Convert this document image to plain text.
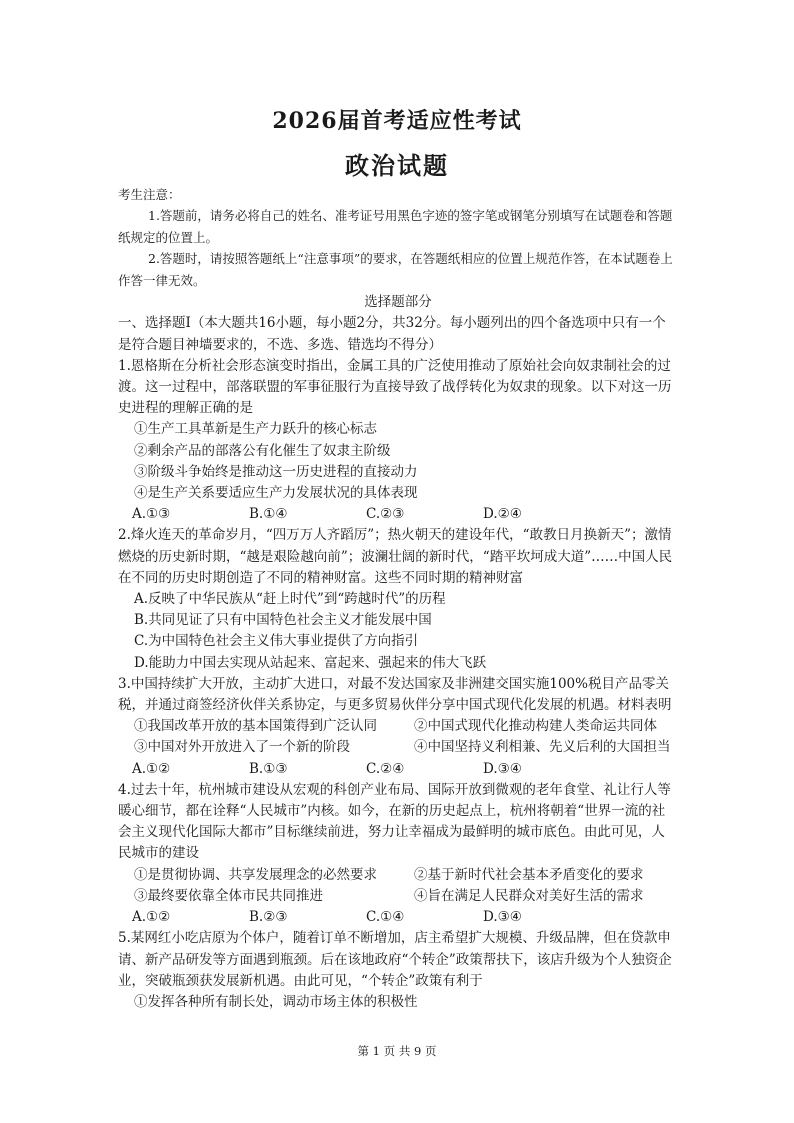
2026届首考适应性考试
政治试题

考生注意：

1.答题前，请务必将自己的姓名、准考证号用黑色字迹的签字笔或钢笔分别填写在试题卷和答题纸规定的位置上。

2.答题时，请按照答题纸上“注意事项”的要求，在答题纸相应的位置上规范作答，在本试题卷上作答一律无效。

选择题部分

一、选择题Ⅰ（本大题共16小题，每小题2分，共32分。每小题列出的四个备选项中只有一个是符合题目神墙要求的，不选、多选、错选均不得分）

1.恩格斯在分析社会形态演变时指出，金属工具的广泛使用推动了原始社会向奴隶制社会的过渡。这一过程中，部落联盟的军事征服行为直接导致了战俘转化为奴隶的现象。以下对这一历史进程的理解正确的是

①生产工具革新是生产力跃升的核心标志

②剩余产品的部落公有化催生了奴隶主阶级

③阶级斗争始终是推动这一历史进程的直接动力

④是生产关系要适应生产力发展状况的具体表现

A.①③	B.①④	C.②③	D.②④

2.烽火连天的革命岁月，“四万万人齐蹈厉”；热火朝天的建设年代，“敢教日月换新天”；激情燃烧的历史新时期，“越是艰险越向前”；波澜壮阔的新时代，“踏平坎坷成大道”……中国人民在不同的历史时期创造了不同的精神财富。这些不同时期的精神财富

A.反映了中华民族从“赶上时代”到“跨越时代”的历程

B.共同见证了只有中国特色社会主义才能发展中国

C.为中国特色社会主义伟大事业提供了方向指引

D.能助力中国去实现从站起来、富起来、强起来的伟大飞跃

3.中国持续扩大开放，主动扩大进口，对最不发达国家及非洲建交国实施100%税目产品零关税，并通过商签经济伙伴关系协定，与更多贸易伙伴分享中国式现代化发展的机遇。材料表明

①我国改革开放的基本国策得到广泛认同	②中国式现代化推动构建人类命运共同体
③中国对外开放进入了一个新的阶段	④中国坚持义利相兼、先义后利的大国担当
A.①②	B.①③	C.②④	D.③④

4.过去十年，杭州城市建设从宏观的科创产业布局、国际开放到微观的老年食堂、礼让行人等暖心细节，都在诠释“人民城市”内核。如今，在新的历史起点上，杭州将朝着“世界一流的社会主义现代化国际大都市”目标继续前进，努力让幸福成为最鲜明的城市底色。由此可见，人民城市的建设

①是贯彻协调、共享发展理念的必然要求	②基于新时代社会基本矛盾变化的要求
③最终要依靠全体市民共同推进	④旨在满足人民群众对美好生活的需求
A.①②	B.②③	C.①④	D.③④

5.某网红小吃店原为个体户，随着订单不断增加，店主希望扩大规模、升级品牌，但在贷款申请、新产品研发等方面遇到瓶颈。后在该地政府“个转企”政策帮扶下，该店升级为个人独资企业，突破瓶颈获发展新机遇。由此可见，“个转企”政策有利于

①发挥各种所有制长处，调动市场主体的积极性

第 1 页 共 9 页
